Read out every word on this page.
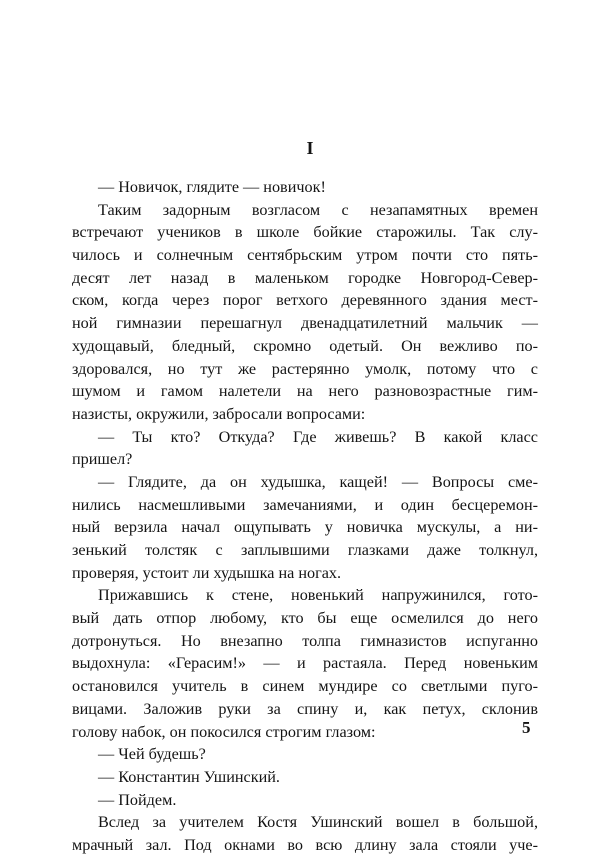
I
— Новичок, глядите — новичок!
Таким задорным возгласом с незапамятных времен
встречают учеников в школе бойкие старожилы. Так слу-
чилось и солнечным сентябрьским утром почти сто пять-
десят лет назад в маленьком городке Новгород-Север-
ском, когда через порог ветхого деревянного здания мест-
ной гимназии перешагнул двенадцатилетний мальчик —
худощавый, бледный, скромно одетый. Он вежливо по-
здоровался, но тут же растерянно умолк, потому что с
шумом и гамом налетели на него разновозрастные гим-
назисты, окружили, забросали вопросами:
— Ты кто? Откуда? Где живешь? В какой класс
пришел?
— Глядите, да он худышка, кащей! — Вопросы сме-
нились насмешливыми замечаниями, и один бесцеремон-
ный верзила начал ощупывать у новичка мускулы, а ни-
зенький толстяк с заплывшими глазками даже толкнул,
проверяя, устоит ли худышка на ногах.
Прижавшись к стене, новенький напружинился, гото-
вый дать отпор любому, кто бы еще осмелился до него
дотронуться. Но внезапно толпа гимназистов испуганно
выдохнула: «Герасим!» — и растаяла. Перед новеньким
остановился учитель в синем мундире со светлыми пуго-
вицами. Заложив руки за спину и, как петух, склонив
голову набок, он покосился строгим глазом:
— Чей будешь?
— Константин Ушинский.
— Пойдем.
Вслед за учителем Костя Ушинский вошел в большой,
мрачный зал. Под окнами во всю длину зала стояли уче-
5
